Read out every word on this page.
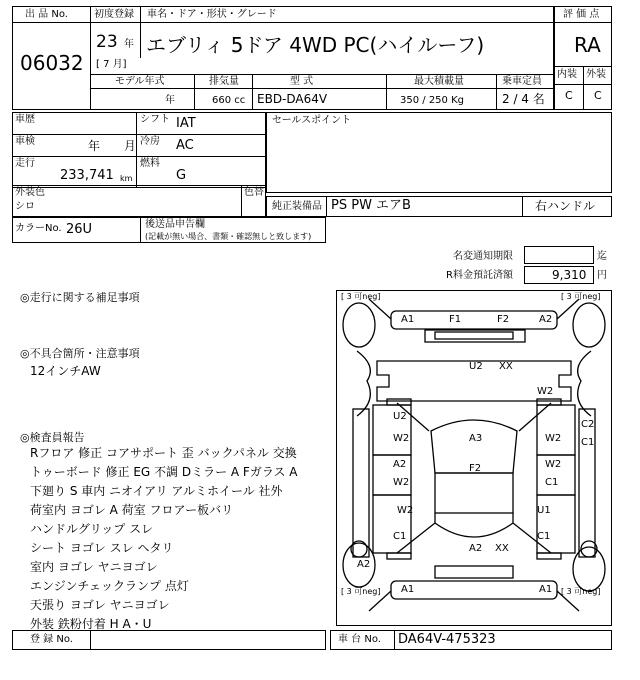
出 品 No.
06032
初度登録 車名・ドア・形状・グレード
23 年
[ 7 月]
エブリィ 5ドア 4WD PC(ハイルーフ)
評 価 点
RA
内装 外装
C C
モデル年式	排気量	型 式	最大積載量	乗車定員
年	660 cc EBD-DA64V	350 / 250 Kg	2 / 4 名
車歴	シフト IAT
車検	年 月 冷房 AC
走行
233,741 km
燃料
G
セールスポイント
外装色
シロ
色替
純正装備品 PS PW エアB	右ハンドル
カラーNo. 26U	後送品申告欄
(記載が無い場合、書類・確認無しと致します)
名変通知期限	迄
R料金預託済額	9,310 円
◎走行に関する補足事項
◎不具合箇所・注意事項
12インチAW
◎検査員報告
Rフロア 修正 コアサポート 歪 バックパネル 交換
トゥーボード 修正 EG 不調 Dミラー A Fガラス A
下廻り S 車内 ニオイアリ アルミホイール 社外
荷室内 ヨゴレ A 荷室 フロアー板バリ
ハンドルグリップ スレ
シート ヨゴレ スレ ヘタリ
室内 ヨゴレ ヤニヨゴレ
エンジンチェックランプ 点灯
天張り ヨゴレ ヤニヨゴレ
外装 鉄粉付着 H A・U
[ 3 可neg]	[ 3 可neg]
[ 3 可neg]	[ 3 可neg]
A1	F1	F2	A2
U2 XX
W2
U2
W2	A3	W2
C2
C1
A2
W2
F2	W2
C1
W2
C1
U1
C1
A2 XX
A2
A1	A1
登 録 No.	車 台 No. DA64V-475323
